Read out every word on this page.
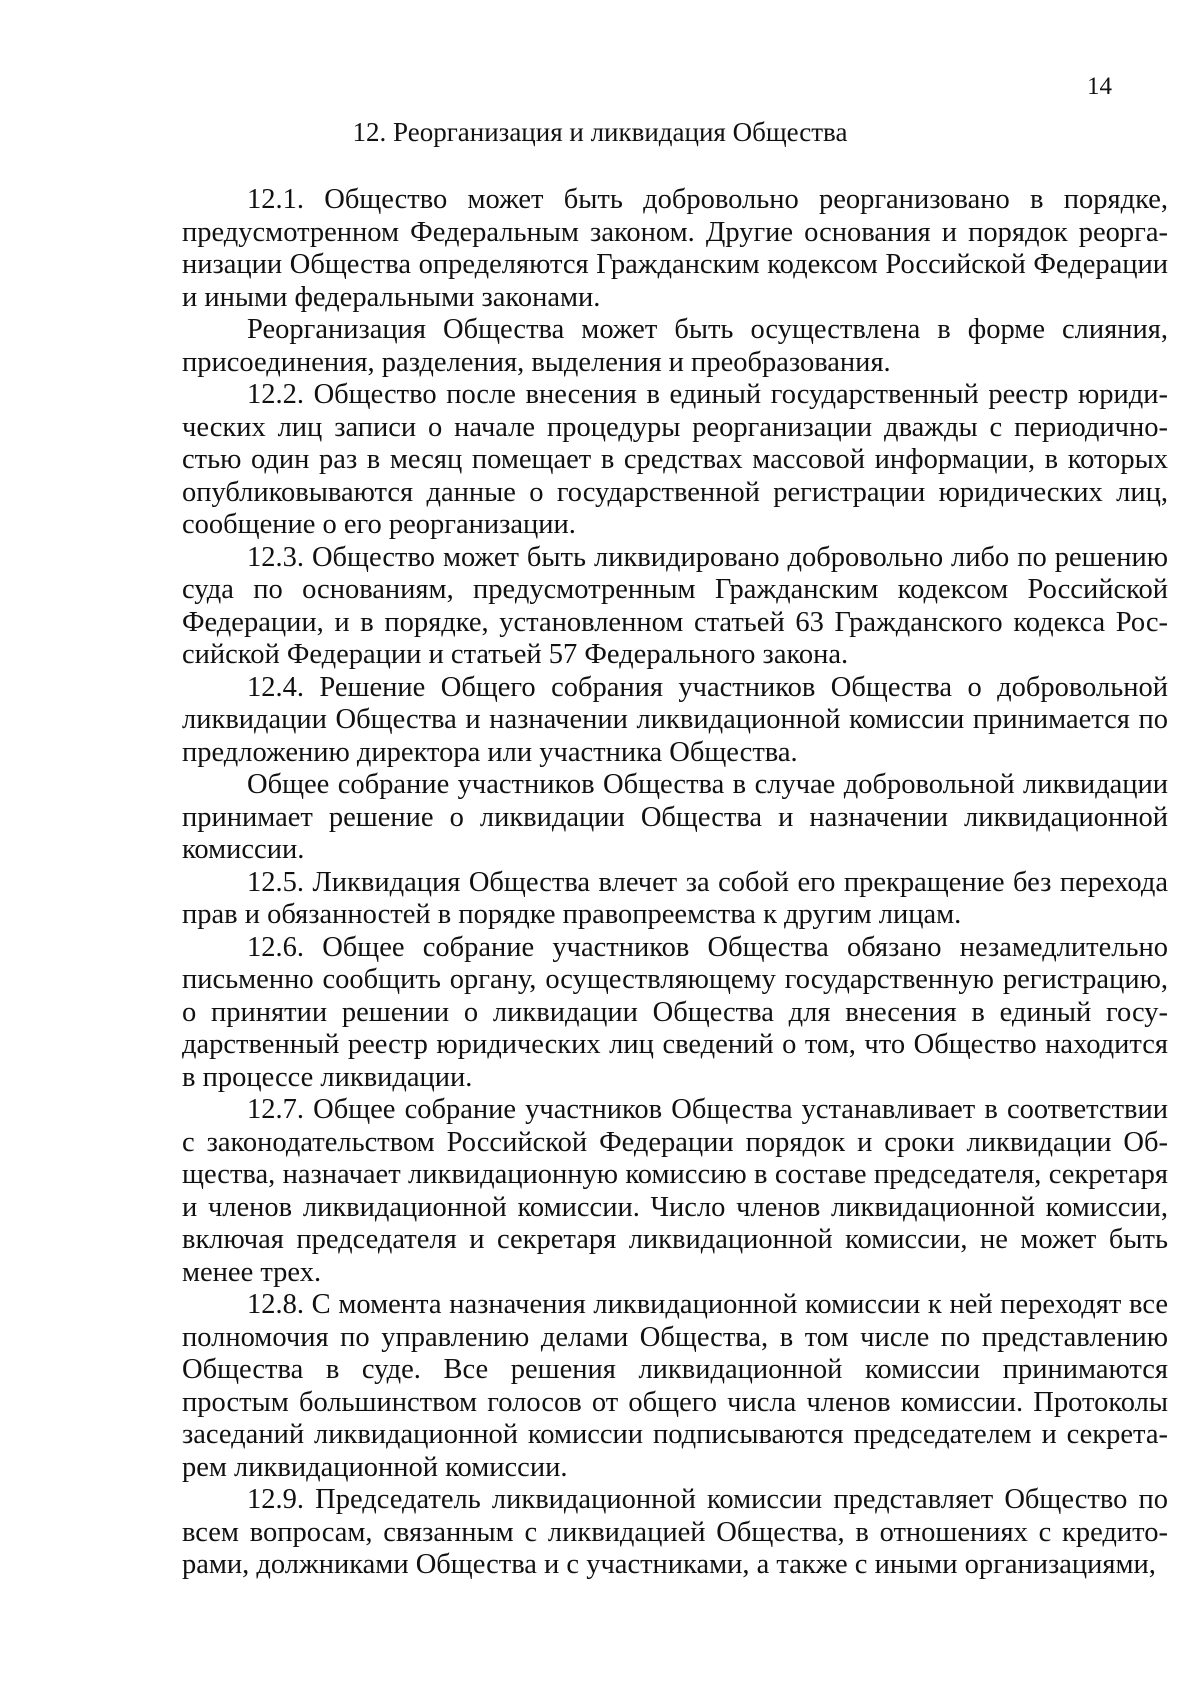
14
12. Реорганизация и ликвидация Общества

12.1. Общество может быть добровольно реорганизовано в порядке, предусмотренном Федеральным законом. Другие основания и порядок реорганизации Общества определяются Гражданским кодексом Российской Федерации и иными федеральными законами.

Реорганизация Общества может быть осуществлена в форме слияния, присоединения, разделения, выделения и преобразования.

12.2. Общество после внесения в единый государственный реестр юридических лиц записи о начале процедуры реорганизации дважды с периодичностью один раз в месяц помещает в средствах массовой информации, в которых опубликовываются данные о государственной регистрации юридических лиц, сообщение о его реорганизации.

12.3. Общество может быть ликвидировано добровольно либо по решению суда по основаниям, предусмотренным Гражданским кодексом Российской Федерации, и в порядке, установленном статьей 63 Гражданского кодекса Российской Федерации и статьей 57 Федерального закона.

12.4. Решение Общего собрания участников Общества о добровольной ликвидации Общества и назначении ликвидационной комиссии принимается по предложению директора или участника Общества.

Общее собрание участников Общества в случае добровольной ликвидации принимает решение о ликвидации Общества и назначении ликвидационной комиссии.

12.5. Ликвидация Общества влечет за собой его прекращение без перехода прав и обязанностей в порядке правопреемства к другим лицам.

12.6. Общее собрание участников Общества обязано незамедлительно письменно сообщить органу, осуществляющему государственную регистрацию, о принятии решении о ликвидации Общества для внесения в единый государственный реестр юридических лиц сведений о том, что Общество находится в процессе ликвидации.

12.7. Общее собрание участников Общества устанавливает в соответствии с законодательством Российской Федерации порядок и сроки ликвидации Общества, назначает ликвидационную комиссию в составе председателя, секретаря и членов ликвидационной комиссии. Число членов ликвидационной комиссии, включая председателя и секретаря ликвидационной комиссии, не может быть менее трех.

12.8. С момента назначения ликвидационной комиссии к ней переходят все полномочия по управлению делами Общества, в том числе по представлению Общества в суде. Все решения ликвидационной комиссии принимаются простым большинством голосов от общего числа членов комиссии. Протоколы заседаний ликвидационной комиссии подписываются председателем и секретарем ликвидационной комиссии.

12.9. Председатель ликвидационной комиссии представляет Общество по всем вопросам, связанным с ликвидацией Общества, в отношениях с кредиторами, должниками Общества и с участниками, а также с иными организациями,
